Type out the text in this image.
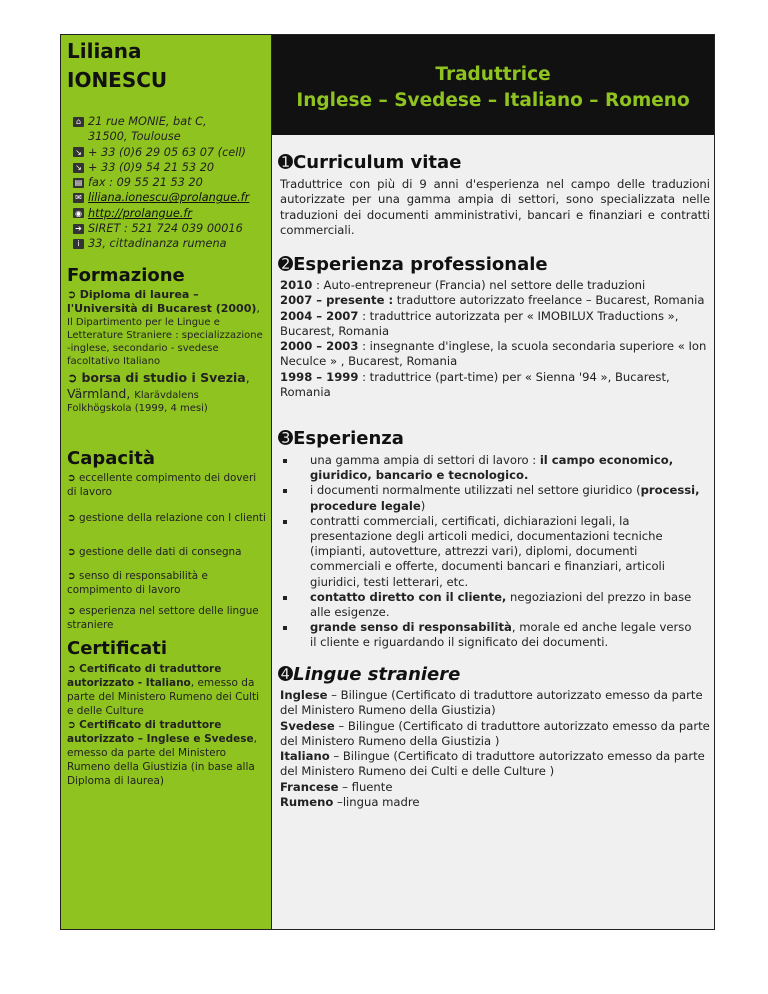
Liliana
IONESCU
⌂ 21 rue MONIE, bat C,
31500, Toulouse
↘ + 33 (0)6 29 05 63 07 (cell)
↘ + 33 (0)9 54 21 53 20
▤ fax : 09 55 21 53 20
✉ liliana.ionescu@prolangue.fr
◉ http://prolangue.fr
➔ SIRET : 521 724 039 00016
i 33, cittadinanza rumena
Formazione
➲ Diploma di laurea –
l'Università di Bucarest (2000),
Il Dipartimento per le Lingue e Letterature Straniere : specializzazione -inglese, secondario - svedese facoltativo Italiano
➲ borsa di studio i Svezia,
Värmland, Klarävdalens
Folkhögskola (1999, 4 mesi)
Capacità
➲ eccellente compimento dei doveri di lavoro
➲ gestione della relazione con I clienti
➲ gestione delle dati di consegna
➲ senso di responsabilità e compimento di lavoro
➲ esperienza nel settore delle lingue straniere
Certificati
➲ Certificato di traduttore autorizzato - Italiano, emesso da parte del Ministero Rumeno dei Culti e delle Culture
➲ Certificato di traduttore autorizzato – Inglese e Svedese, emesso da parte del Ministero Rumeno della Giustizia (in base alla Diploma di laurea)
Traduttrice
Inglese – Svedese – Italiano – Romeno
➊Curriculum vitae
Traduttrice con più di 9 anni d'esperienza nel campo delle traduzioni autorizzate per una gamma ampia di settori, sono specializzata nelle traduzioni dei documenti amministrativi, bancari e finanziari e contratti commerciali.
➋Esperienza professionale
2010 : Auto-entrepreneur (Francia) nel settore delle traduzioni
2007 – presente : traduttore autorizzato freelance – Bucarest, Romania
2004 – 2007 : traduttrice autorizzata per « IMOBILUX Traductions », Bucarest, Romania
2000 – 2003 : insegnante d'inglese, la scuola secondaria superiore « Ion Neculce » , Bucarest, Romania
1998 – 1999 : traduttrice (part-time) per « Sienna '94 », Bucarest, Romania
➌Esperienza
una gamma ampia di settori di lavoro : il campo economico, giuridico, bancario e tecnologico.
i documenti normalmente utilizzati nel settore giuridico (processi, procedure legale)
contratti commerciali, certificati, dichiarazioni legali, la presentazione degli articoli medici, documentazioni tecniche (impianti, autovetture, attrezzi vari), diplomi, documenti commerciali e offerte, documenti bancari e finanziari, articoli giuridici, testi letterari, etc.
contatto diretto con il cliente, negoziazioni del prezzo in base alle esigenze.
grande senso di responsabilità, morale ed anche legale verso il cliente e riguardando il significato dei documenti.
➍Lingue straniere
Inglese – Bilingue (Certificato di traduttore autorizzato emesso da parte del Ministero Rumeno della Giustizia)
Svedese – Bilingue (Certificato di traduttore autorizzato emesso da parte del Ministero Rumeno della Giustizia )
Italiano – Bilingue (Certificato di traduttore autorizzato emesso da parte del Ministero Rumeno dei Culti e delle Culture )
Francese – fluente
Rumeno –lingua madre
